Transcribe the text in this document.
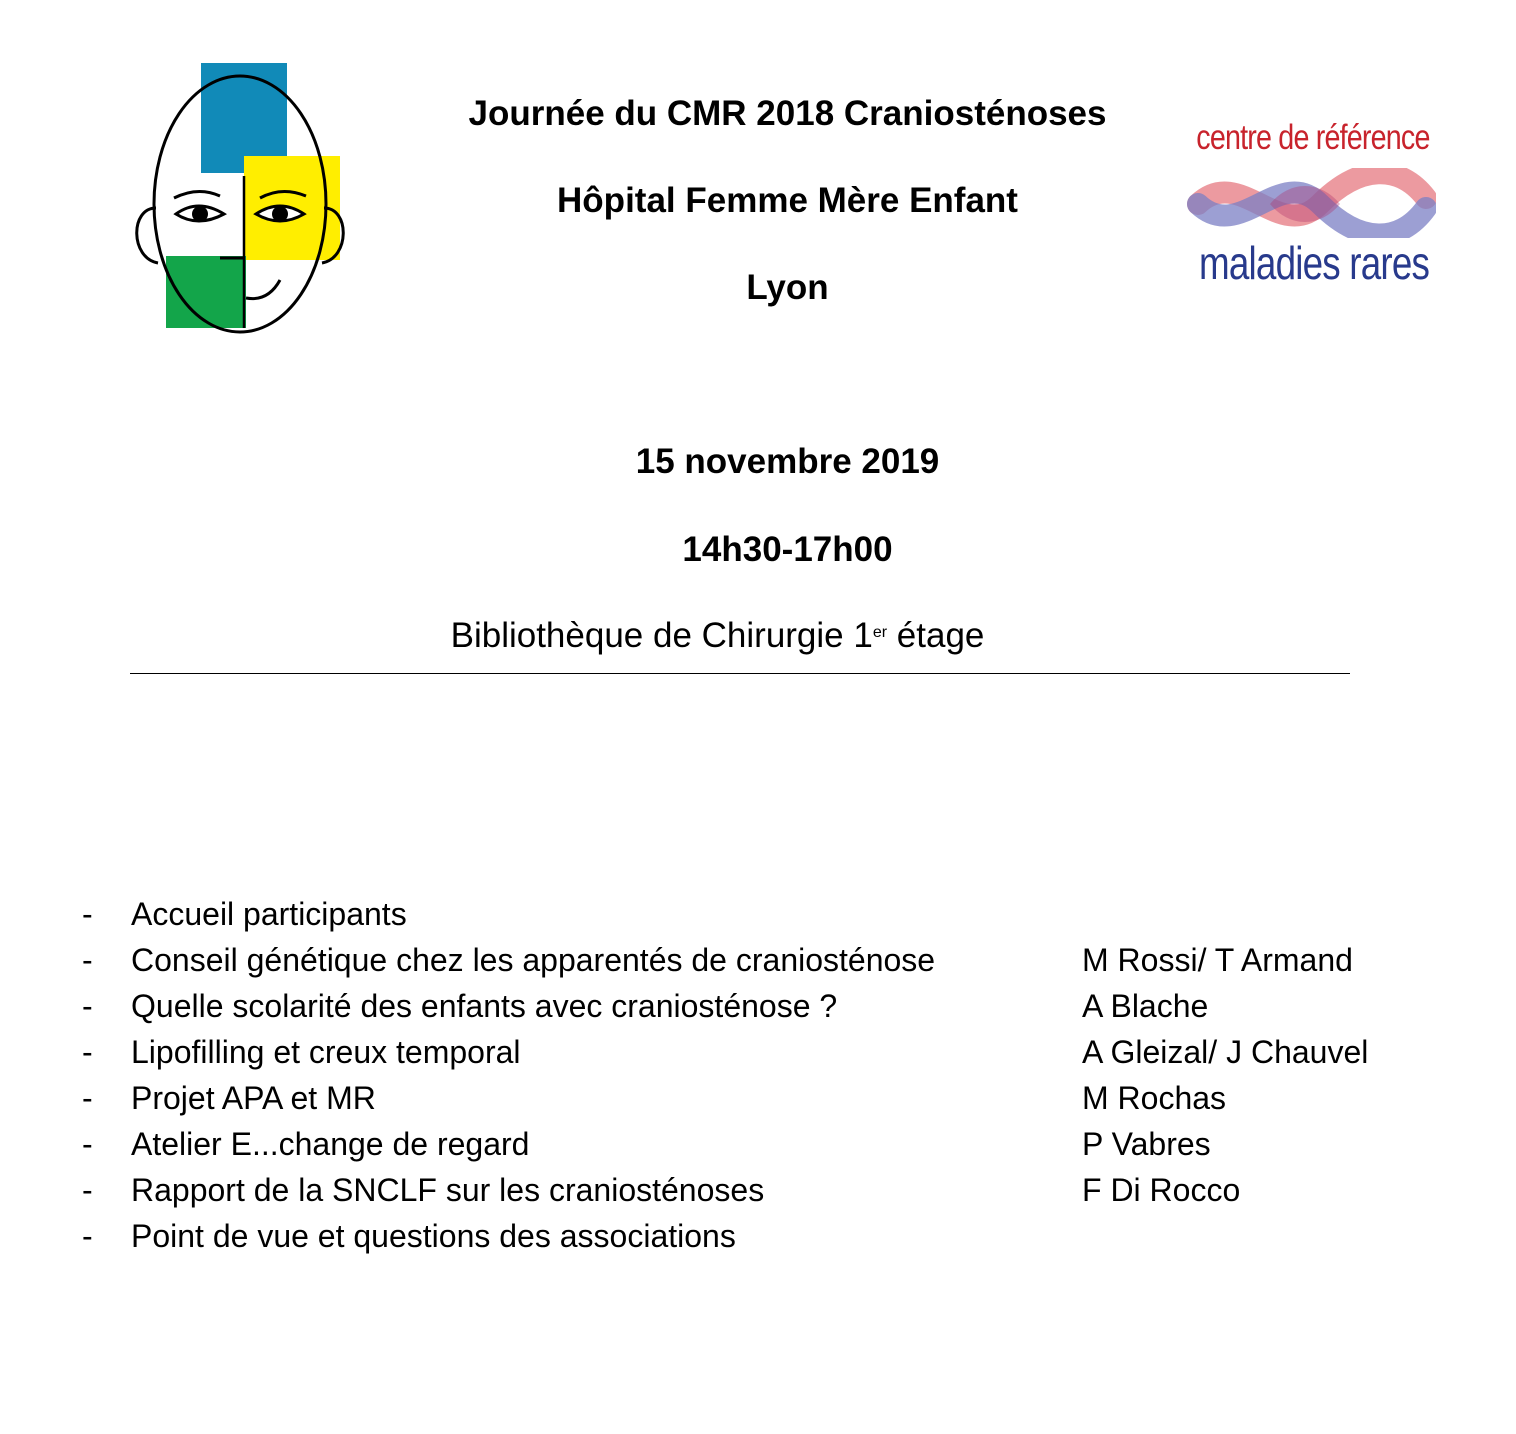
centre de référence
maladies rares
Journée du CMR 2018 Craniosténoses
Hôpital Femme Mère Enfant
Lyon
15 novembre 2019
14h30-17h00
Bibliothèque de Chirurgie 1er étage
- Accueil participants
- Conseil génétique chez les apparentés de craniosténose	M Rossi/ T Armand
- Quelle scolarité des enfants avec craniosténose ?	A Blache
- Lipofilling et creux temporal	A Gleizal/ J Chauvel
- Projet APA et MR	M Rochas
- Atelier E...change de regard	P Vabres
- Rapport de la SNCLF sur les craniosténoses	F Di Rocco
- Point de vue et questions des associations
